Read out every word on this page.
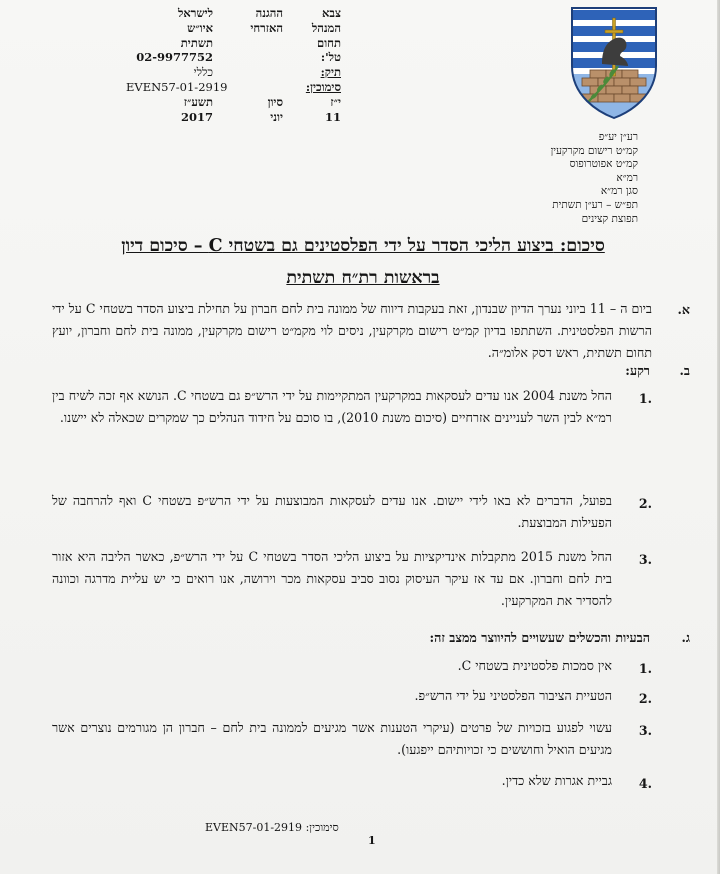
צבא
ההגנה
לישראל
המנהל
האזרחי
איו״ש
תחום
תשתית
טל':
02-9977752
תיק:
כללי
סימוכין:
EVEN57-01-2919
י״ז
סיון
תשע״ז
11
יוני
2017
רע״ן יע״פ
קמ״ט רישום מקרקעין
קמ״ט אפוטרופוס
רמ״א
סגן רמ״א
תפ״ש – רע״ן תשתית
תפוצת קצינים
סיכום: ביצוע הליכי הסדר על ידי הפלסטינים גם בשטחי C – סיכום דיון
בראשות רת״ח תשתית
א.
ביום ה – 11 ביוני נערך הדיון שבנדון, זאת בעקבות דיווח של ממונה בית לחם חברון על תחילת ביצוע הסדר בשטחי C על ידי הרשות הפלסטינית. השתתפו בדיון קמ״ט רישום מקרקעין, ניסים לוי מקמ״ט רישום מקרקעין, ממונה בית לחם וחברון, יועץ תחום תשתית, ראש דסק אלומ״ה.
ב.
רקע:
.1
החל משנת 2004 אנו עדים לעסקאות במקרקעין המתקיימות על ידי הרש״פ גם בשטחי C. הנושא אף זכה לשיח בין רמ״א לבין השר לעניינים אזרחיים (סיכום משנת 2010), בו סוכם על חידוד הנהלים כך שמקרים שכאלה לא יישנו.
.2
בפועל, הדברים לא באו לידי יישום. אנו עדים לעסקאות המבוצעות על ידי הרש״פ בשטחי C ואף להרחבה של הפעילות המבוצעת.
.3
החל משנת 2015 מתקבלות אינדיקציות על ביצוע הליכי הסדר בשטחי C על ידי הרש״פ, כאשר הליבה היא אזור בית לחם וחברון. אם עד אז עיקר העיסוק נסוב סביב עסקאות מכר וירושה, אנו רואים כי יש עליית מדרגה וכוונה להסדיר את המקרקעין.
ג.
הבעיות והכשלים שעשויים להיווצר ממצב זה:
.1
אין סמכות פלסטינית בשטחי C.
.2
הטעיית הציבור הפלסטיני על ידי הרש״פ.
.3
עשוי לפגוע בזכויות של פרטים (עיקרי הטענות אשר מגיעים לממונה בית לחם – חברון הן מגורמים נוצרים אשר מגיעים הואיל וחוששים כי זכויותיהם ייפגעו).
.4
גביית אגרות שלא כדין.
סימוכין: EVEN57-01-2919
1
